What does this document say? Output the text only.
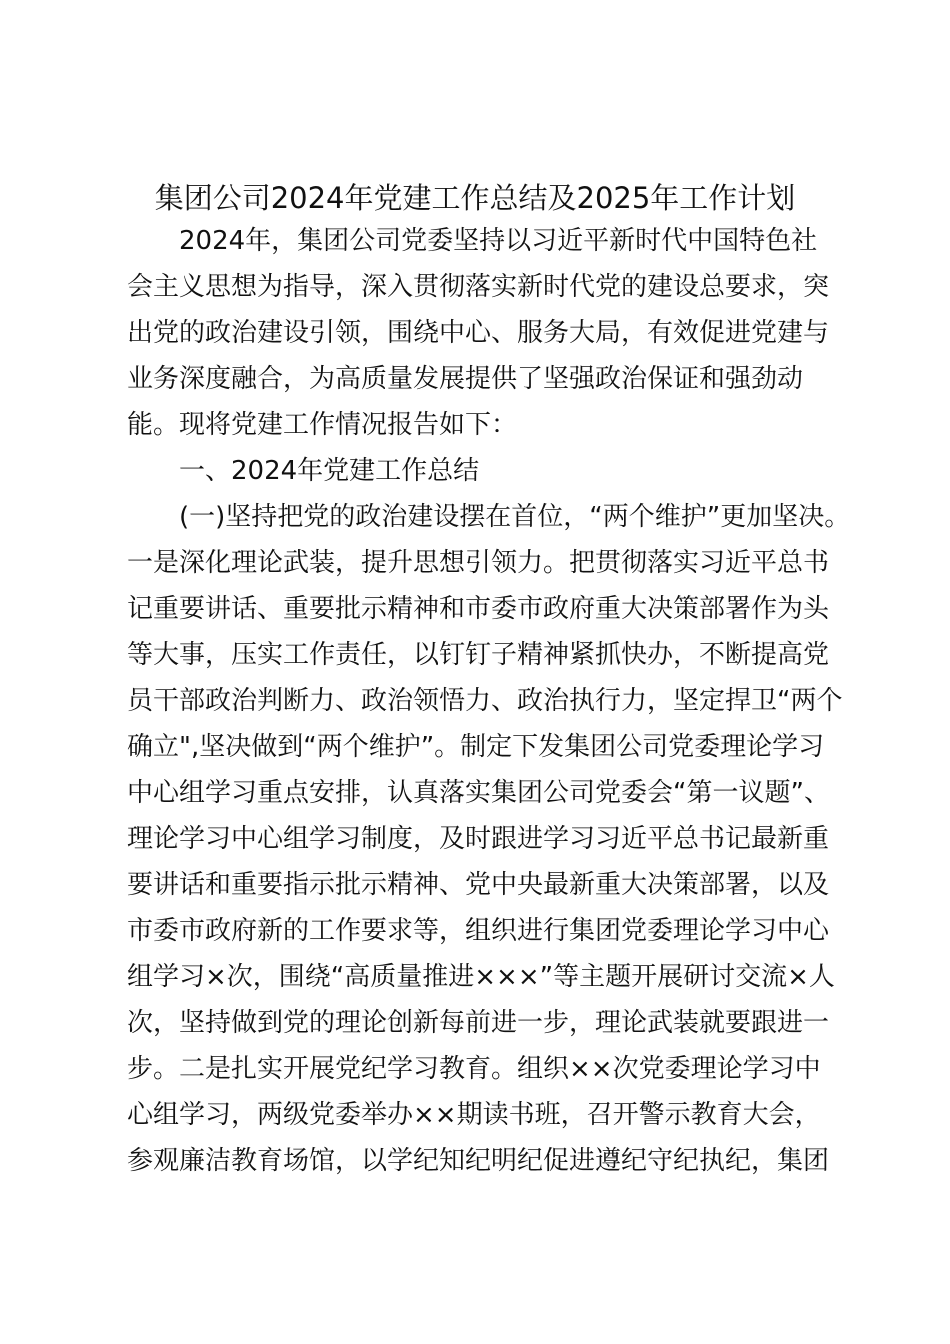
集团公司2024年党建工作总结及2025年工作计划
2024年，集团公司党委坚持以习近平新时代中国特色社
会主义思想为指导，深入贯彻落实新时代党的建设总要求，突
出党的政治建设引领，围绕中心、服务大局，有效促进党建与
业务深度融合，为高质量发展提供了坚强政治保证和强劲动
能。现将党建工作情况报告如下：
一、2024年党建工作总结
(一)坚持把党的政治建设摆在首位，“两个维护”更加坚决。
一是深化理论武装，提升思想引领力。把贯彻落实习近平总书
记重要讲话、重要批示精神和市委市政府重大决策部署作为头
等大事，压实工作责任，以钉钉子精神紧抓快办，不断提高党
员干部政治判断力、政治领悟力、政治执行力，坚定捍卫“两个
确立",坚决做到“两个维护”。制定下发集团公司党委理论学习
中心组学习重点安排，认真落实集团公司党委会“第一议题”、
理论学习中心组学习制度，及时跟进学习习近平总书记最新重
要讲话和重要指示批示精神、党中央最新重大决策部署，以及
市委市政府新的工作要求等，组织进行集团党委理论学习中心
组学习×次，围绕“高质量推进×××”等主题开展研讨交流×人
次，坚持做到党的理论创新每前进一步，理论武装就要跟进一
步。二是扎实开展党纪学习教育。组织××次党委理论学习中
心组学习，两级党委举办××期读书班，召开警示教育大会，
参观廉洁教育场馆，以学纪知纪明纪促进遵纪守纪执纪，集团
